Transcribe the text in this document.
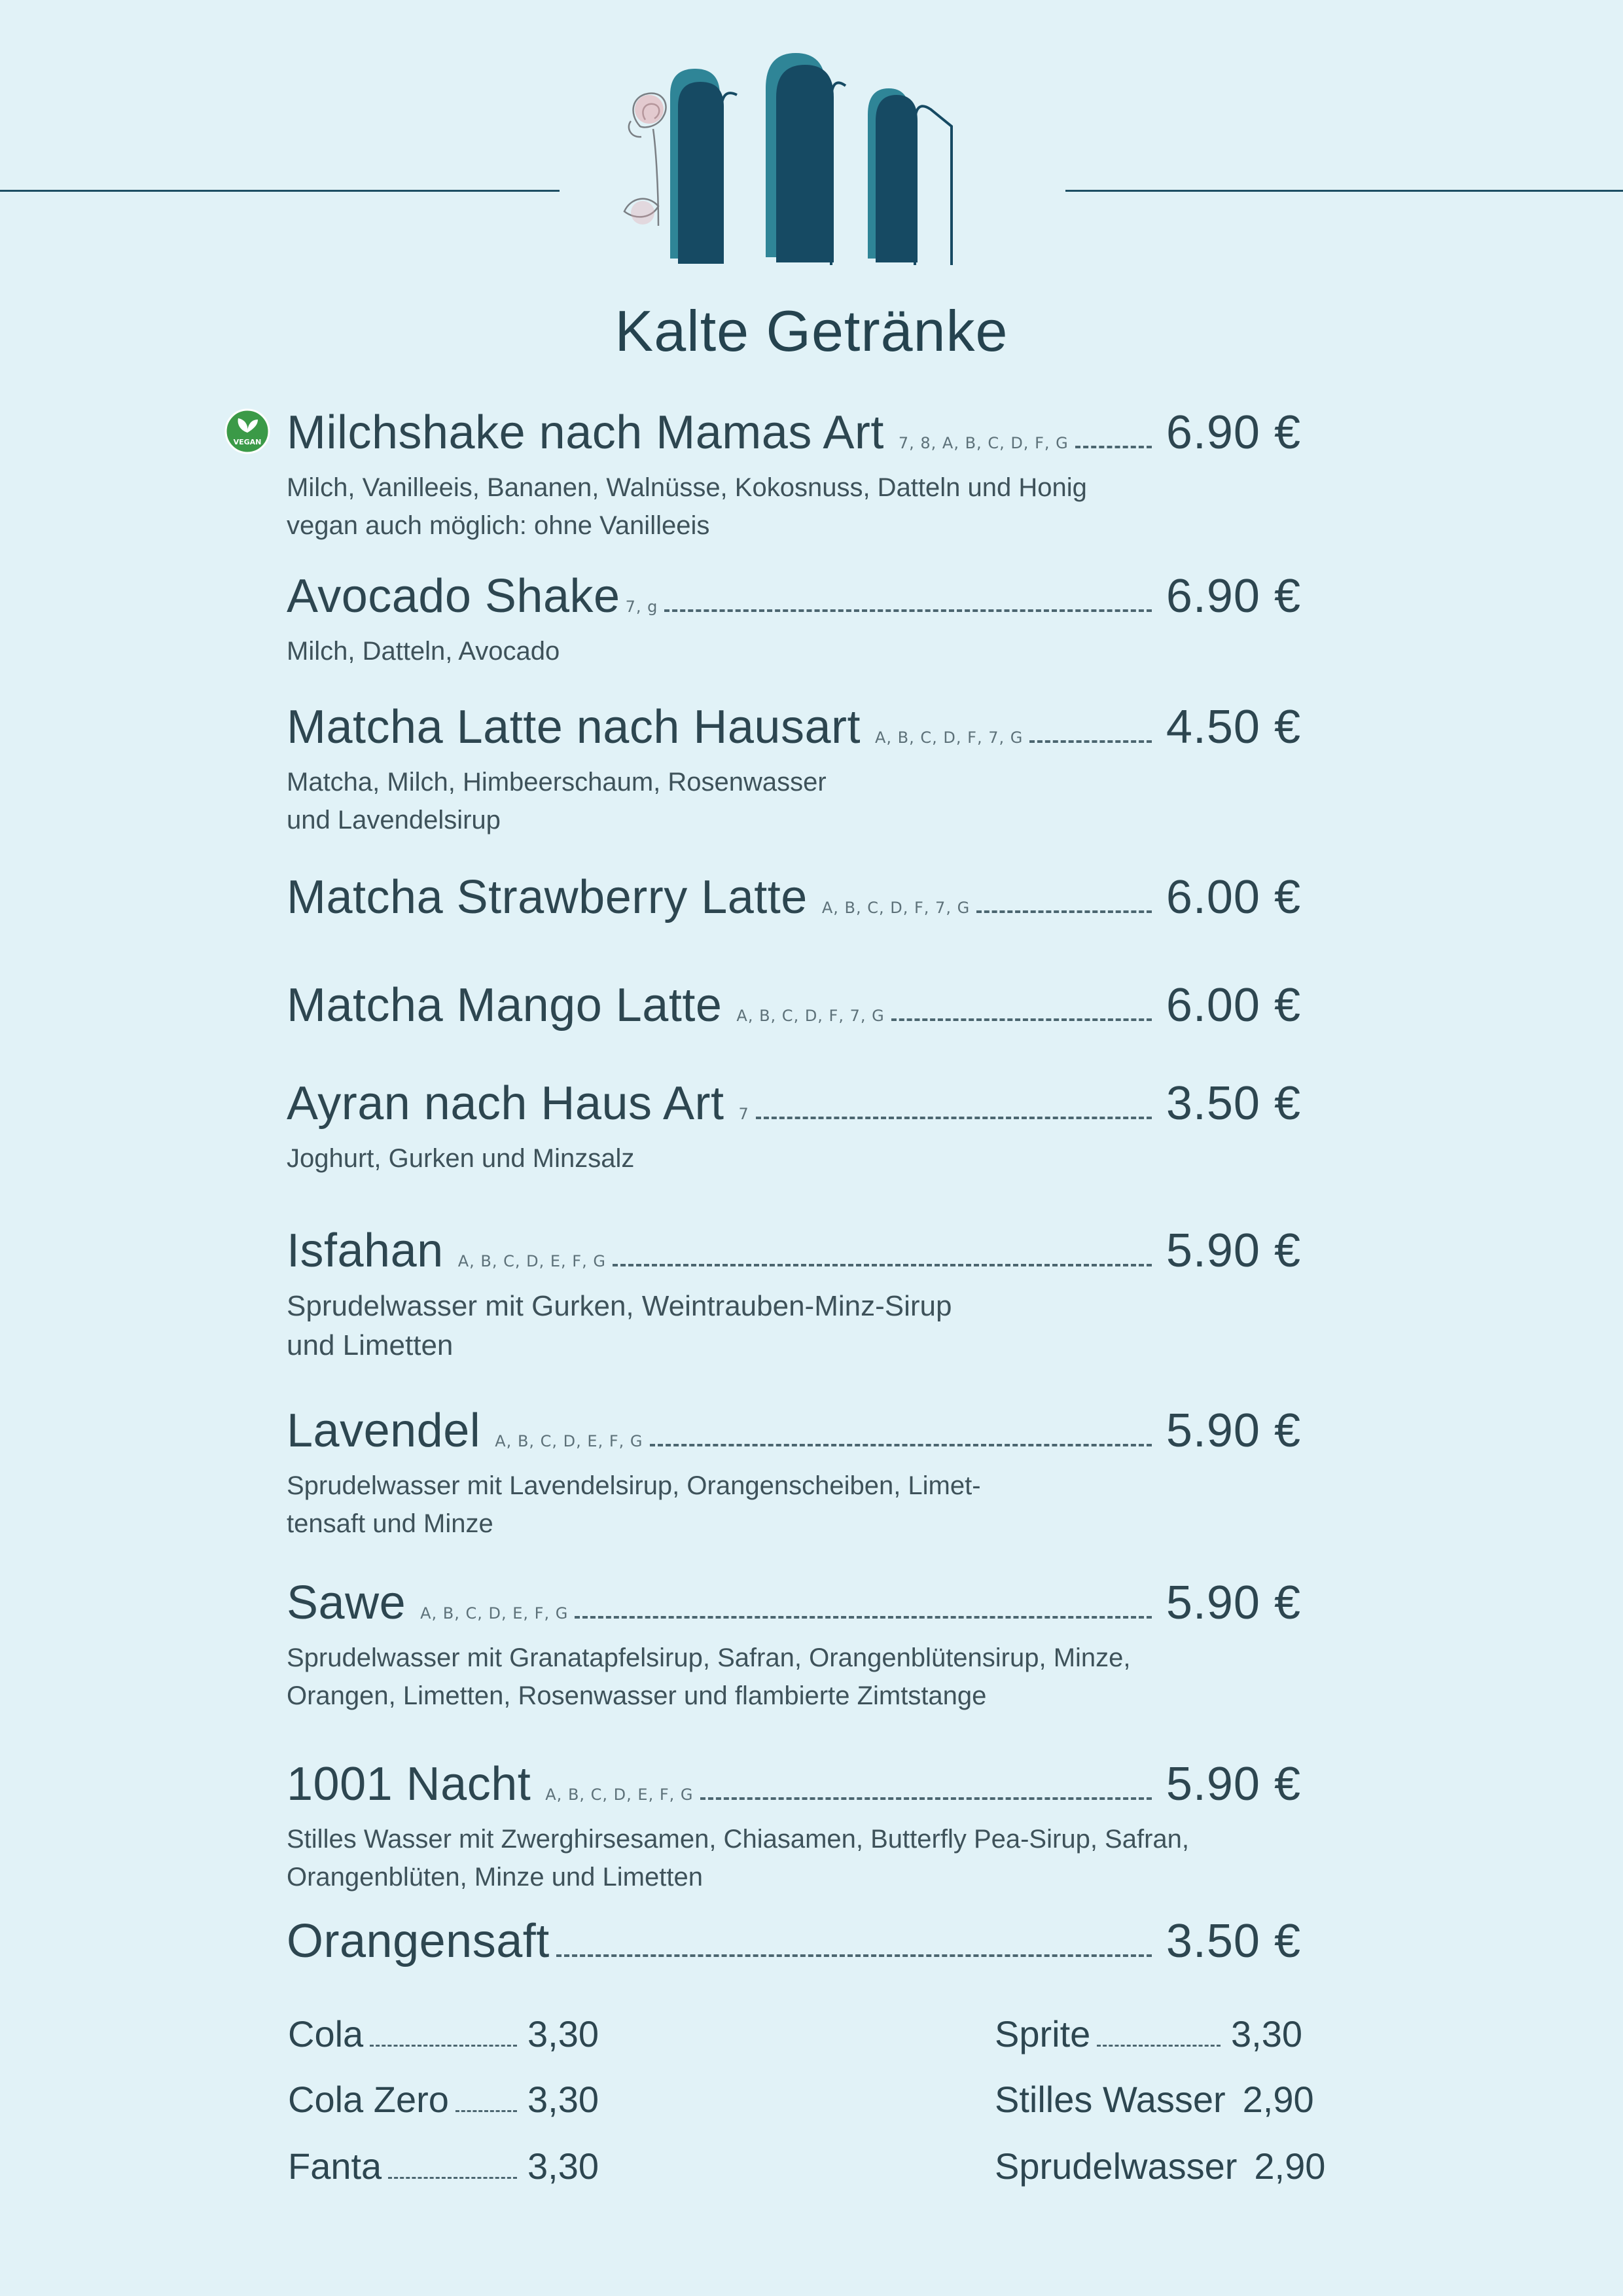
Kalte Getränke
VEGAN Milchshake nach Mamas Art 7, 8, A, B, C, D, F, G 6.90 €
Milch, Vanilleeis, Bananen, Walnüsse, Kokosnuss, Datteln und Honig
vegan auch möglich: ohne Vanilleeis
Avocado Shake 7, g	6.90 €
Milch, Datteln, Avocado
Matcha Latte nach Hausart A, B, C, D, F, 7, G	4.50 €
Matcha, Milch, Himbeerschaum, Rosenwasser
und Lavendelsirup
Matcha Strawberry Latte A, B, C, D, F, 7, G	6.00 €
Matcha Mango Latte A, B, C, D, F, 7, G	6.00 €
Ayran nach Haus Art 7	3.50 €
Joghurt, Gurken und Minzsalz
Isfahan A, B, C, D, E, F, G	5.90 €
Sprudelwasser mit Gurken, Weintrauben-Minz-Sirup
und Limetten
Lavendel A, B, C, D, E, F, G	5.90 €
Sprudelwasser mit Lavendelsirup, Orangenscheiben, Limet-
tensaft und Minze
Sawe A, B, C, D, E, F, G	5.90 €
Sprudelwasser mit Granatapfelsirup, Safran, Orangenblütensirup, Minze,
Orangen, Limetten, Rosenwasser und flambierte Zimtstange
1001 Nacht A, B, C, D, E, F, G	5.90 €
Stilles Wasser mit Zwerghirsesamen, Chiasamen, Butterfly Pea-Sirup, Safran,
Orangenblüten, Minze und Limetten
Orangensaft	3.50 €
Cola	3,30
Cola Zero 3,30
Fanta	3,30
Sprite	3,30
Stilles Wasser 2,90
Sprudelwasser 2,90
